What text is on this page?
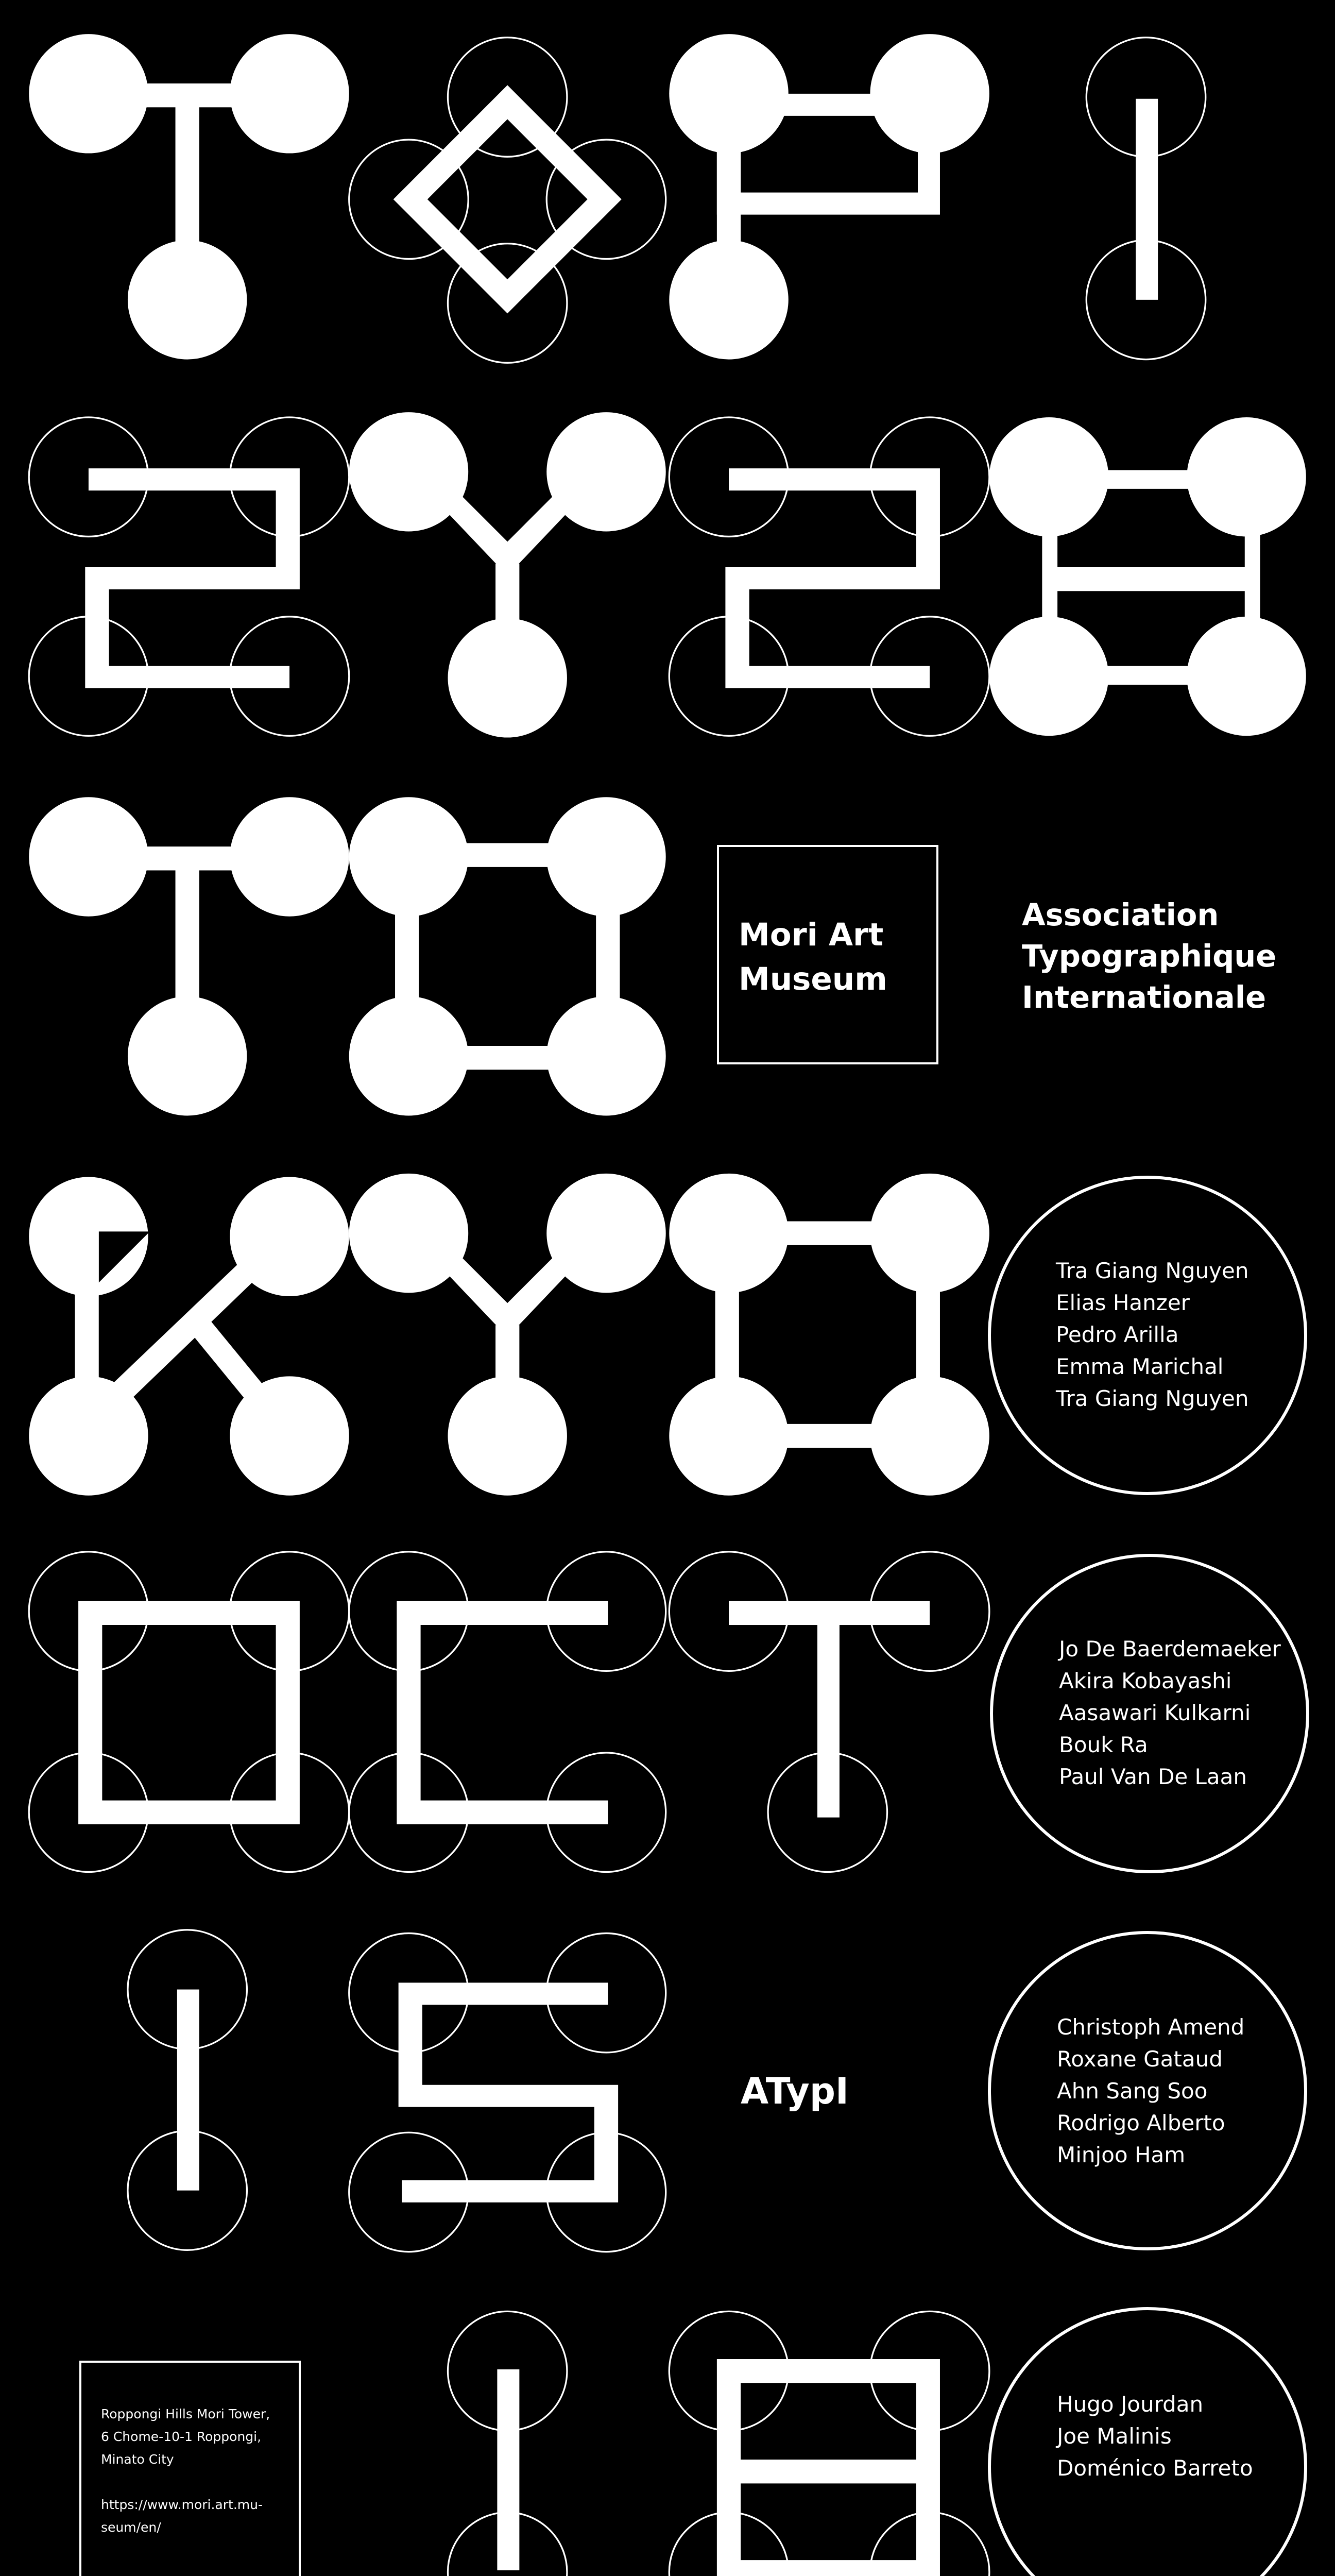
Mori Art Museum
Association Typographique Internationale
ATypI
Tra Giang Nguyen
Elias Hanzer
Pedro Arilla
Emma Marichal
Tra Giang Nguyen
Jo De Baerdemaeker
Akira Kobayashi
Aasawari Kulkarni
Bouk Ra
Paul Van De Laan
Christoph Amend
Roxane Gataud
Ahn Sang Soo
Rodrigo Alberto
Minjoo Ham
Hugo Jourdan
Joe Malinis
Doménico Barreto
Roppongi Hills Mori Tower,
6 Chome-10-1 Roppongi,
Minato City
https://www.mori.art.mu-
seum/en/
